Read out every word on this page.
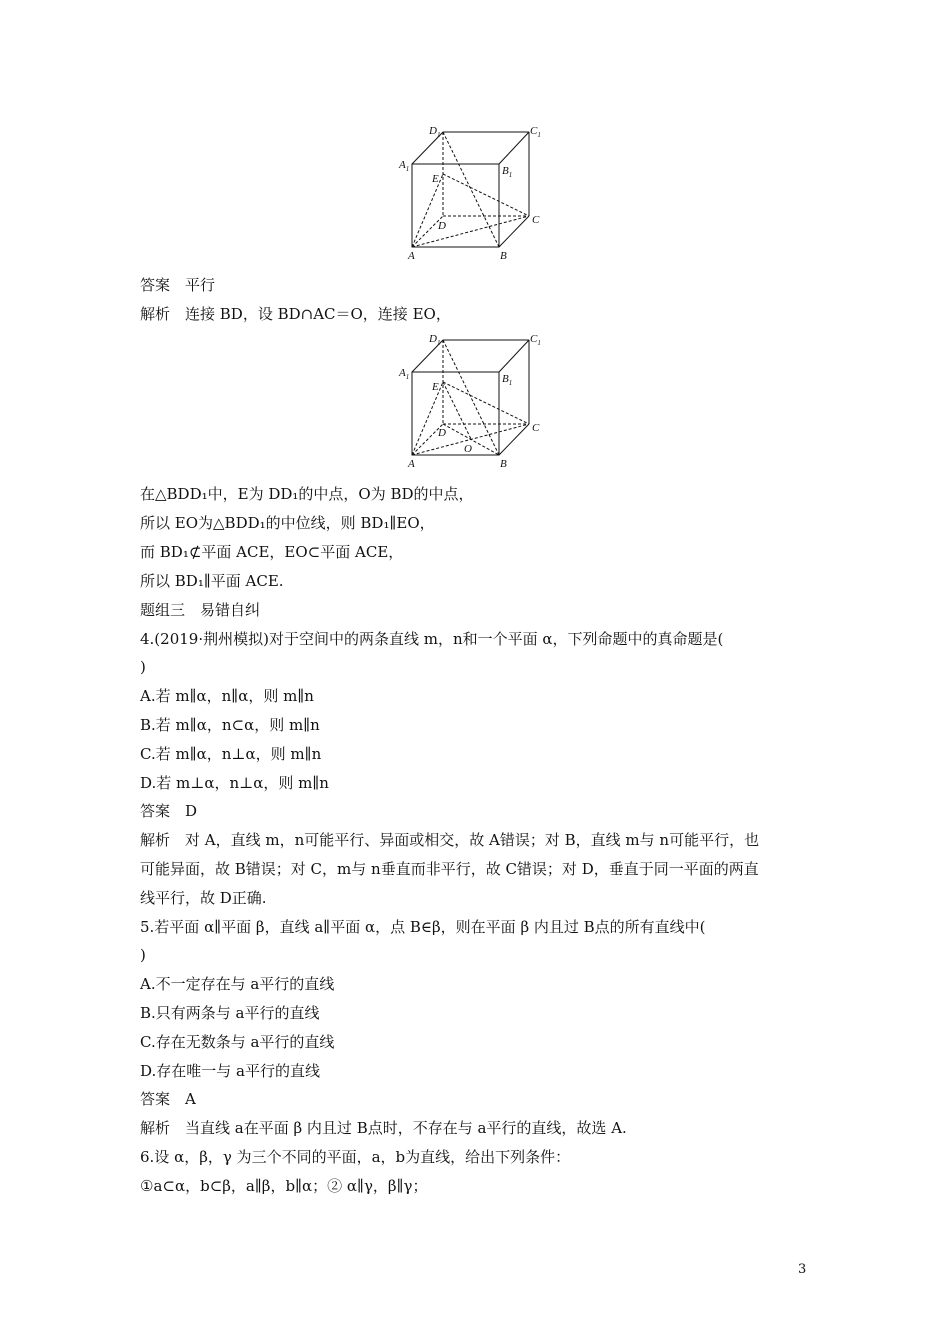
$D_1$	$C_1$
$A_1$	$B_1$
E
C
D
A	B
答案　平行
解析　连接 BD，设 BD∩AC＝O，连接 EO，
$D_1$	$C_1$
$A_1$	$B_1$
E
C
D
O
A	B
在△BDD₁中，E为 DD₁的中点，O为 BD的中点，
所以 EO为△BDD₁的中位线，则 BD₁∥EO，
而 BD₁⊄平面 ACE，EO⊂平面 ACE，
所以 BD₁∥平面 ACE.
题组三　易错自纠
4.(2019·荆州模拟)对于空间中的两条直线 m，n和一个平面 α，下列命题中的真命题是(
)
A.若 m∥α，n∥α，则 m∥n
B.若 m∥α，n⊂α，则 m∥n
C.若 m∥α，n⊥α，则 m∥n
D.若 m⊥α，n⊥α，则 m∥n
答案　D
解析　对 A，直线 m，n可能平行、异面或相交，故 A错误；对 B，直线 m与 n可能平行，也
可能异面，故 B错误；对 C，m与 n垂直而非平行，故 C错误；对 D，垂直于同一平面的两直
线平行，故 D正确.
5.若平面 α∥平面 β，直线 a∥平面 α，点 B∈β，则在平面 β 内且过 B点的所有直线中(
)
A.不一定存在与 a平行的直线
B.只有两条与 a平行的直线
C.存在无数条与 a平行的直线
D.存在唯一与 a平行的直线
答案　A
解析　当直线 a在平面 β 内且过 B点时，不存在与 a平行的直线，故选 A.
6.设 α，β，γ 为三个不同的平面，a，b为直线，给出下列条件：
①a⊂α，b⊂β，a∥β，b∥α；② α∥γ，β∥γ；
3
